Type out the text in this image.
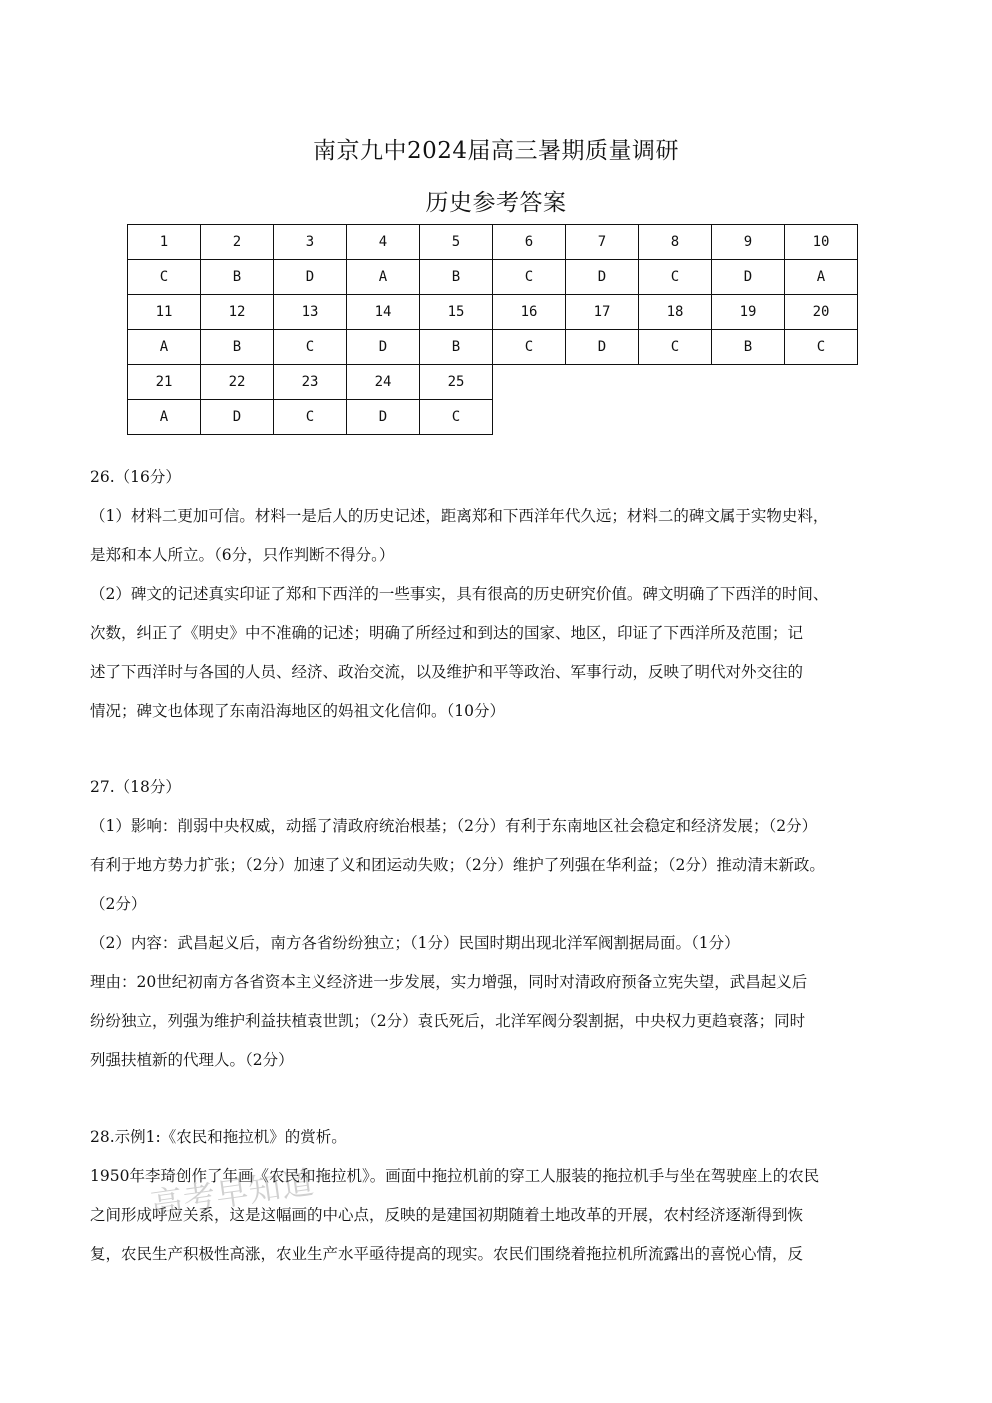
南京九中2024届高三暑期质量调研
历史参考答案
1	2	3	4	5	6	7	8	9	10
C	B	D	A	B	C	D	C	D	A
11	12	13	14	15	16	17	18	19	20
A	B	C	D	B	C	D	C	B	C
21	22	23	24	25					
A	D	C	D	C					

26.（16分）

（1）材料二更加可信。材料一是后人的历史记述，距离郑和下西洋年代久远；材料二的碑文属于实物史料，

是郑和本人所立。（6分，只作判断不得分。）

（2）碑文的记述真实印证了郑和下西洋的一些事实，具有很高的历史研究价值。碑文明确了下西洋的时间、

次数，纠正了《明史》中不准确的记述；明确了所经过和到达的国家、地区，印证了下西洋所及范围；记

述了下西洋时与各国的人员、经济、政治交流，以及维护和平等政治、军事行动，反映了明代对外交往的

情况；碑文也体现了东南沿海地区的妈祖文化信仰。（10分）

27.（18分）

（1）影响：削弱中央权威，动摇了清政府统治根基；（2分）有利于东南地区社会稳定和经济发展；（2分）

有利于地方势力扩张；（2分）加速了义和团运动失败；（2分）维护了列强在华利益；（2分）推动清末新政。

（2分）

（2）内容：武昌起义后，南方各省纷纷独立；（1分）民国时期出现北洋军阀割据局面。（1分）

理由：20世纪初南方各省资本主义经济进一步发展，实力增强，同时对清政府预备立宪失望，武昌起义后

纷纷独立，列强为维护利益扶植袁世凯；（2分）袁氏死后，北洋军阀分裂割据，中央权力更趋衰落；同时

列强扶植新的代理人。（2分）

28.示例1:《农民和拖拉机》的赏析。

1950年李琦创作了年画《农民和拖拉机》。画面中拖拉机前的穿工人服装的拖拉机手与坐在驾驶座上的农民

之间形成呼应关系，这是这幅画的中心点，反映的是建国初期随着土地改革的开展，农村经济逐渐得到恢

复，农民生产积极性高涨，农业生产水平亟待提高的现实。农民们围绕着拖拉机所流露出的喜悦心情，反

高考早知道
